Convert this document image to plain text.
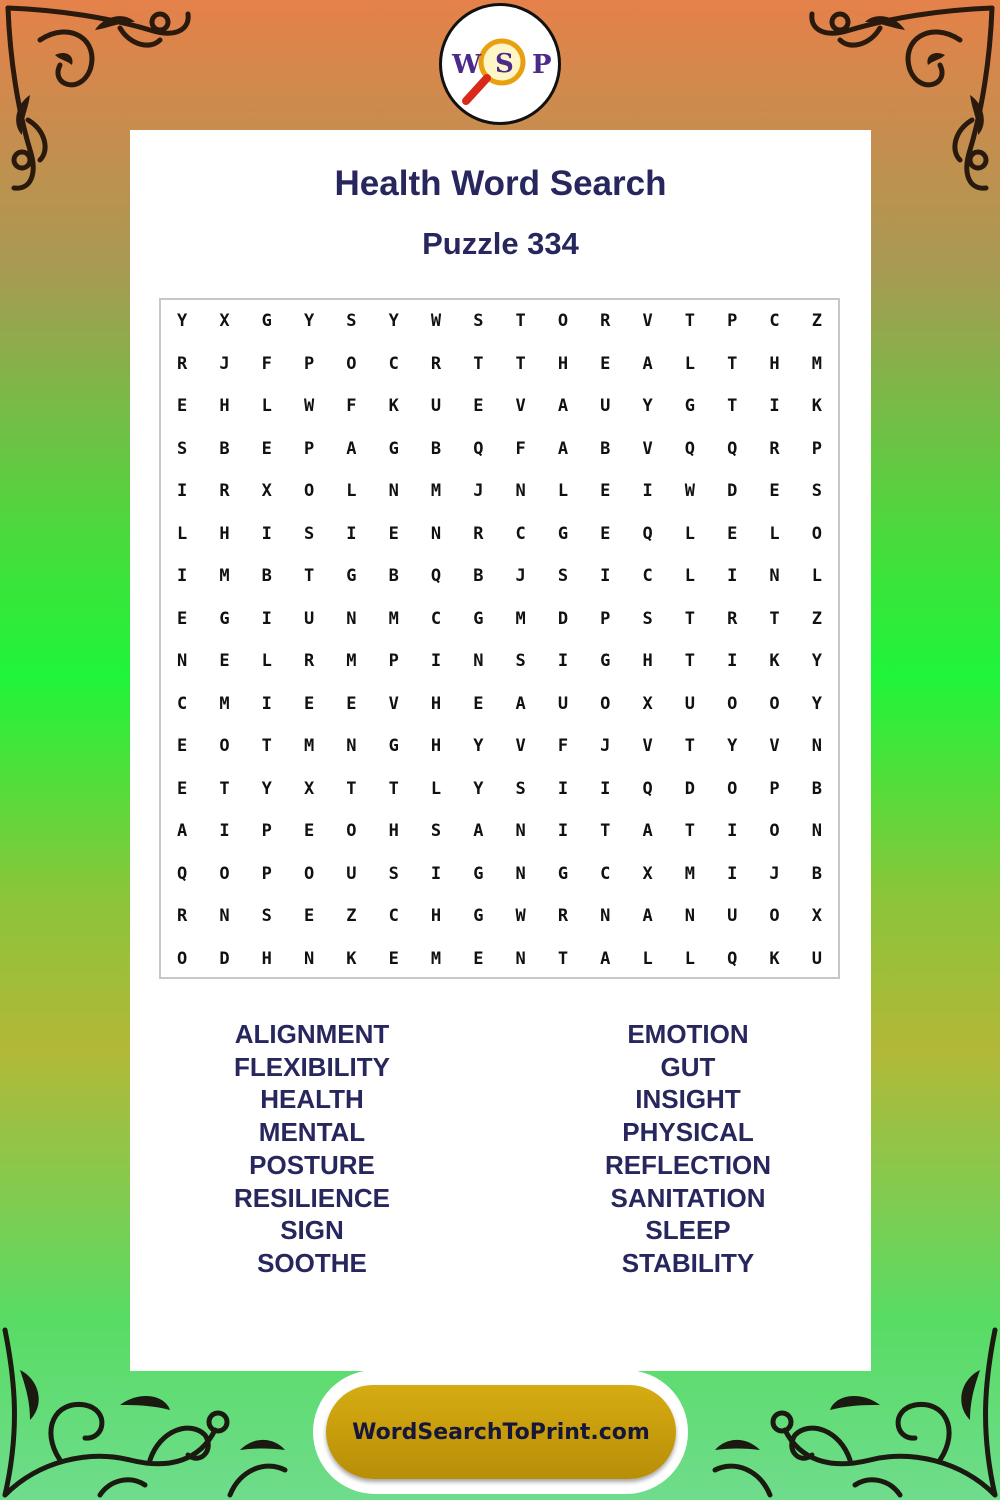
W S P
Health Word Search
Puzzle 334
Y	X	G	Y	S	Y	W	S	T	O	R	V	T	P	C	Z
R	J	F	P	O	C	R	T	T	H	E	A	L	T	H	M
E	H	L	W	F	K	U	E	V	A	U	Y	G	T	I	K
S	B	E	P	A	G	B	Q	F	A	B	V	Q	Q	R	P
I	R	X	O	L	N	M	J	N	L	E	I	W	D	E	S
L	H	I	S	I	E	N	R	C	G	E	Q	L	E	L	O
I	M	B	T	G	B	Q	B	J	S	I	C	L	I	N	L
E	G	I	U	N	M	C	G	M	D	P	S	T	R	T	Z
N	E	L	R	M	P	I	N	S	I	G	H	T	I	K	Y
C	M	I	E	E	V	H	E	A	U	O	X	U	O	O	Y
E	O	T	M	N	G	H	Y	V	F	J	V	T	Y	V	N
E	T	Y	X	T	T	L	Y	S	I	I	Q	D	O	P	B
A	I	P	E	O	H	S	A	N	I	T	A	T	I	O	N
Q	O	P	O	U	S	I	G	N	G	C	X	M	I	J	B
R	N	S	E	Z	C	H	G	W	R	N	A	N	U	O	X
O	D	H	N	K	E	M	E	N	T	A	L	L	Q	K	U
ALIGNMENT
FLEXIBILITY
HEALTH
MENTAL
POSTURE
RESILIENCE
SIGN
SOOTHE
EMOTION
GUT
INSIGHT
PHYSICAL
REFLECTION
SANITATION
SLEEP
STABILITY
WordSearchToPrint.com
